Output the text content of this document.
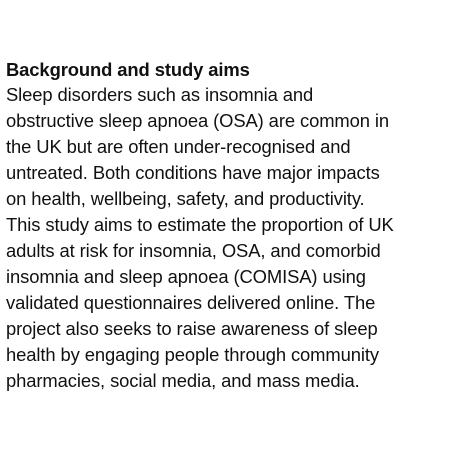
Background and study aims

Sleep disorders such as insomnia and
obstructive sleep apnoea (OSA) are common in
the UK but are often under-recognised and
untreated. Both conditions have major impacts
on health, wellbeing, safety, and productivity.
This study aims to estimate the proportion of UK
adults at risk for insomnia, OSA, and comorbid
insomnia and sleep apnoea (COMISA) using
validated questionnaires delivered online. The
project also seeks to raise awareness of sleep
health by engaging people through community
pharmacies, social media, and mass media.
